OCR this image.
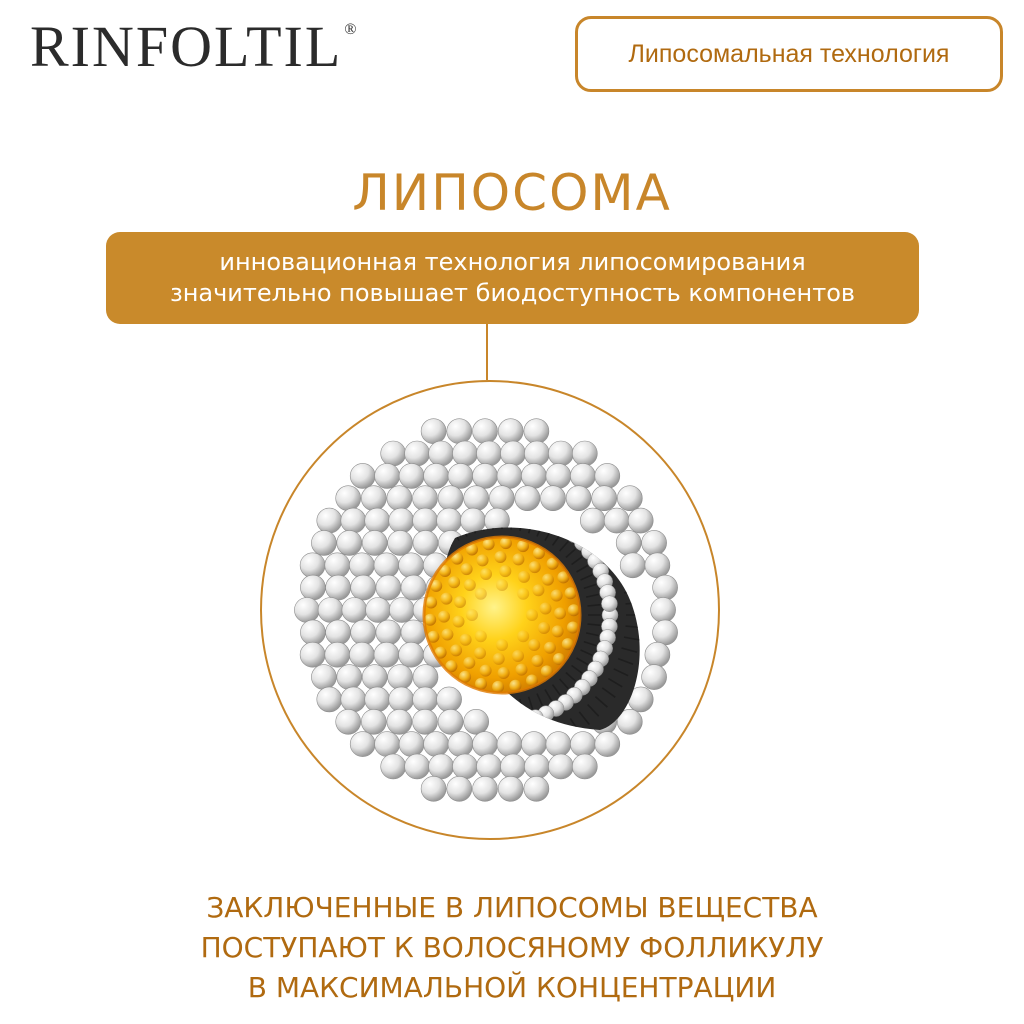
RINFOLTIL ®
Липосомальная технология
ЛИПОСОМА
инновационная технология липосомирования
значительно повышает биодоступность компонентов
ЗАКЛЮЧЕННЫЕ В ЛИПОСОМЫ ВЕЩЕСТВА
ПОСТУПАЮТ К ВОЛОСЯНОМУ ФОЛЛИКУЛУ
В МАКСИМАЛЬНОЙ КОНЦЕНТРАЦИИ
